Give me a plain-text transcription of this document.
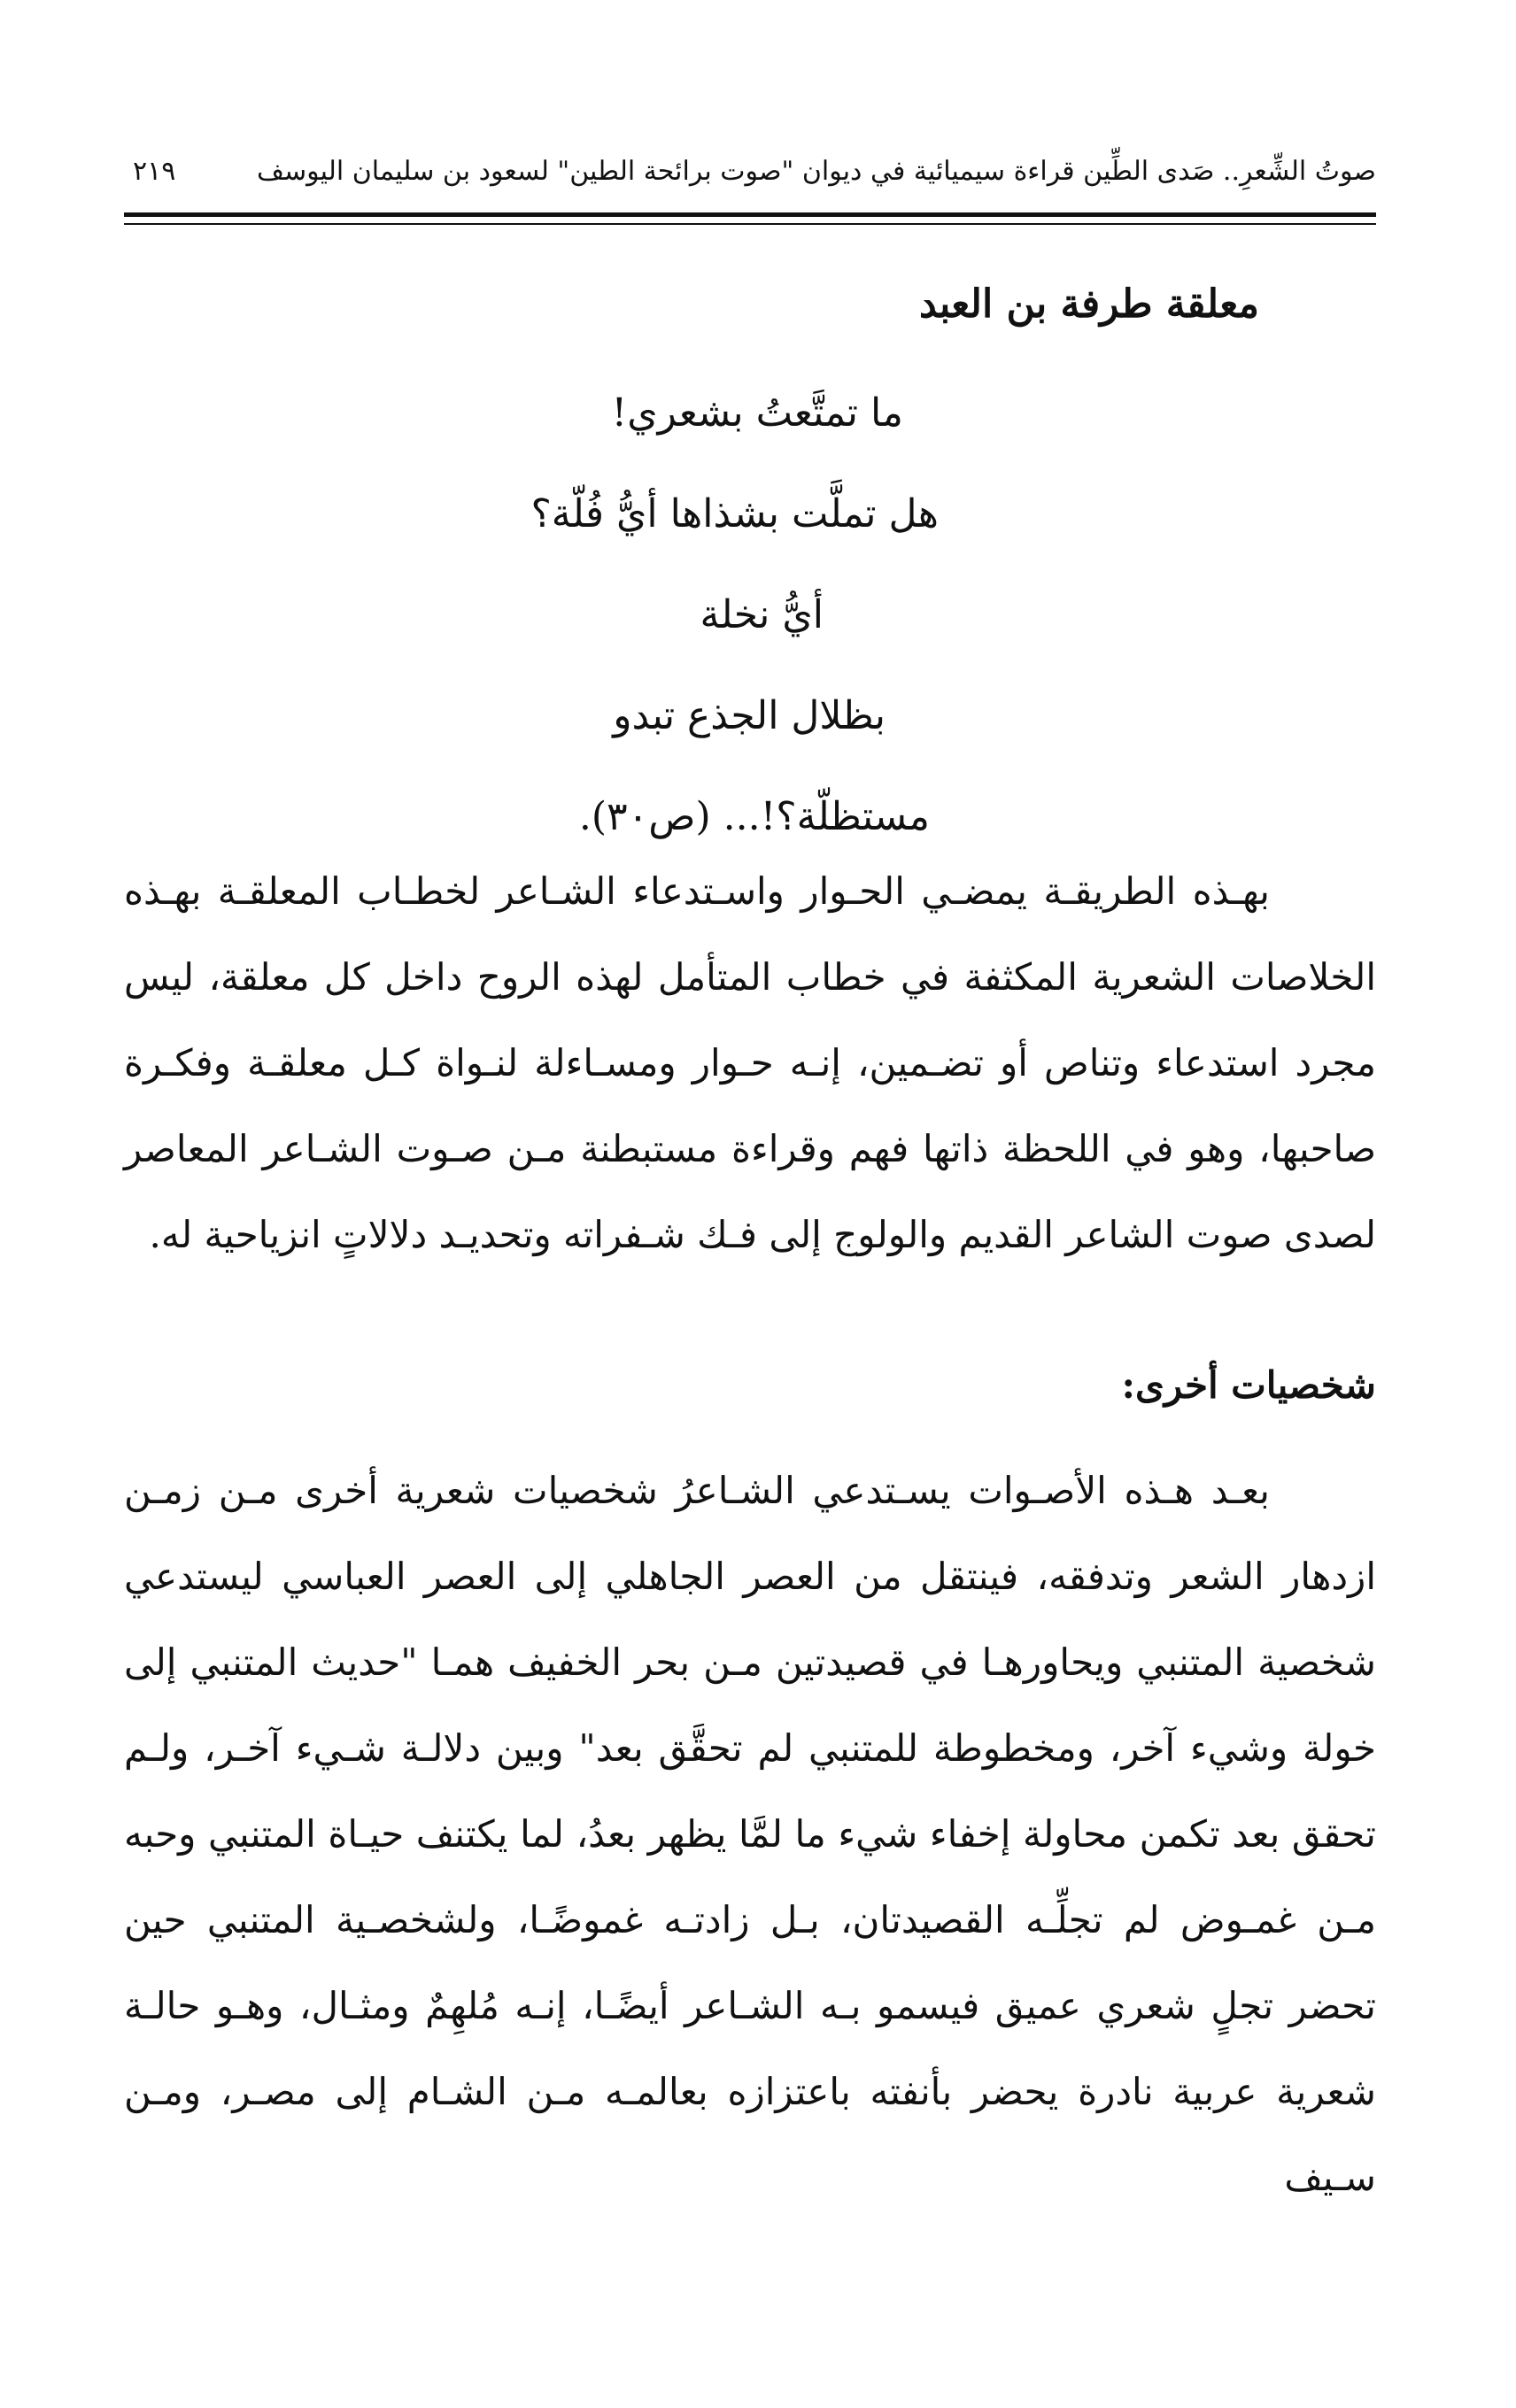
صوتُ الشِّعرِ.. صَدى الطِّين قراءة سيميائية في ديوان "صوت برائحة الطين" لسعود بن سليمان اليوسف
٢١٩
معلقة طرفة بن العبد
ما تمتَّعتُ بشعري!
هل تملَّت بشذاها أيُّ فُلّة؟
أيُّ نخلة
بظلال الجذع تبدو
مستظلّة؟!... (ص٣٠).

بهـذه الطريقـة يمضـي الحـوار واسـتدعاء الشـاعر لخطـاب المعلقـة بهـذه الخلاصات الشعرية المكثفة في خطاب المتأمل لهذه الروح داخل كل معلقة، ليس مجرد استدعاء وتناص أو تضـمين، إنـه حـوار ومسـاءلة لنـواة كـل معلقـة وفكـرة صاحبها، وهو في اللحظة ذاتها فهم وقراءة مستبطنة مـن صـوت الشـاعر المعاصر لصدى صوت الشاعر القديم والولوج إلى فـك شـفراته وتحديـد دلالاتٍ انزياحية له.

شخصيات أخرى:

بعـد هـذه الأصـوات يسـتدعي الشـاعرُ شخصيات شعرية أخرى مـن زمـن ازدهار الشعر وتدفقه، فينتقل من العصر الجاهلي إلى العصر العباسي ليستدعي شخصية المتنبي ويحاورهـا في قصيدتين مـن بحر الخفيف همـا "حديث المتنبي إلى خولة وشيء آخر، ومخطوطة للمتنبي لم تحقَّق بعد" وبين دلالـة شـيء آخـر، ولـم تحقق بعد تكمن محاولة إخفاء شيء ما لمَّا يظهر بعدُ، لما يكتنف حيـاة المتنبي وحبه مـن غمـوض لم تجلِّـه القصيدتان، بـل زادتـه غموضًـا، ولشخصـية المتنبي حين تحضر تجلٍ شعري عميق فيسمو بـه الشـاعر أيضًـا، إنـه مُلهِمٌ ومثـال، وهـو حالـة شعرية عربية نادرة يحضر بأنفته باعتزازه بعالمـه مـن الشـام إلى مصـر، ومـن سـيف
